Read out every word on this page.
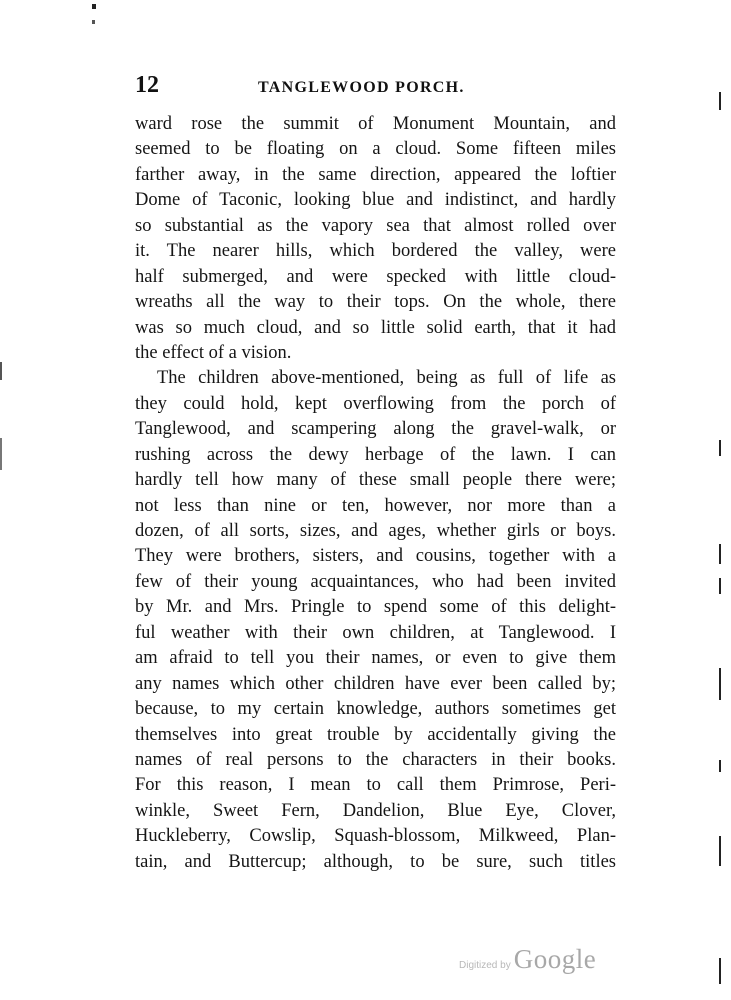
12	TANGLEWOOD PORCH.
ward rose the summit of Monument Mountain, and
seemed to be floating on a cloud. Some fifteen miles
farther away, in the same direction, appeared the loftier
Dome of Taconic, looking blue and indistinct, and hardly
so substantial as the vapory sea that almost rolled over
it. The nearer hills, which bordered the valley, were
half submerged, and were specked with little cloud-
wreaths all the way to their tops. On the whole, there
was so much cloud, and so little solid earth, that it had
the effect of a vision.
The children above-mentioned, being as full of life as
they could hold, kept overflowing from the porch of
Tanglewood, and scampering along the gravel-walk, or
rushing across the dewy herbage of the lawn. I can
hardly tell how many of these small people there were;
not less than nine or ten, however, nor more than a
dozen, of all sorts, sizes, and ages, whether girls or boys.
They were brothers, sisters, and cousins, together with a
few of their young acquaintances, who had been invited
by Mr. and Mrs. Pringle to spend some of this delight-
ful weather with their own children, at Tanglewood. I
am afraid to tell you their names, or even to give them
any names which other children have ever been called by;
because, to my certain knowledge, authors sometimes get
themselves into great trouble by accidentally giving the
names of real persons to the characters in their books.
For this reason, I mean to call them Primrose, Peri-
winkle, Sweet Fern, Dandelion, Blue Eye, Clover,
Huckleberry, Cowslip, Squash-blossom, Milkweed, Plan-
tain, and Buttercup; although, to be sure, such titles
Digitized by Google
